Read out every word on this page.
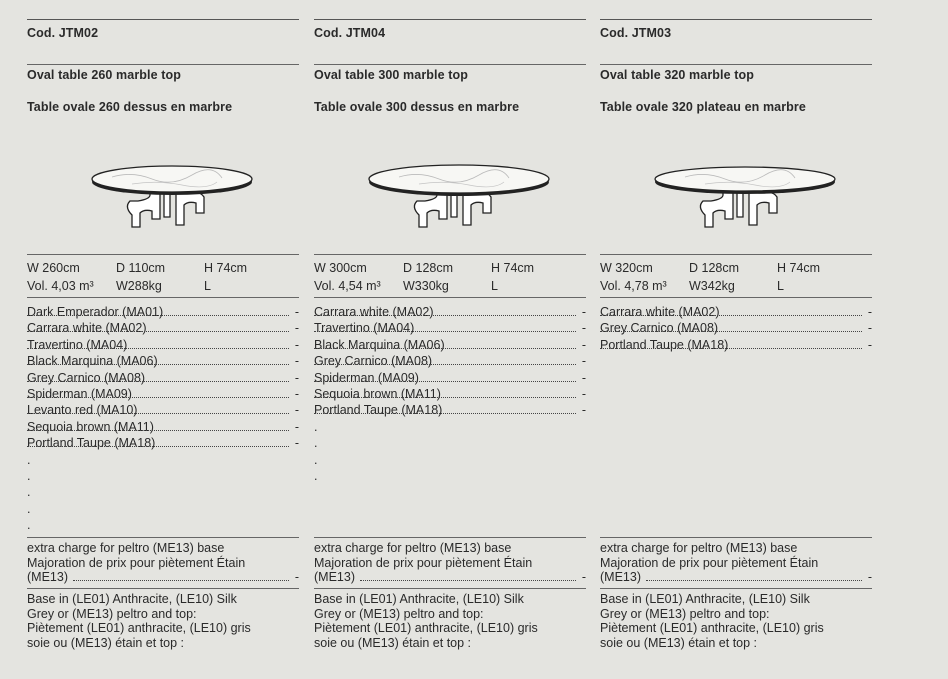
Cod. JTM02
Oval table 260 marble top
Table ovale 260 dessus en marbre
W 260cm	D 110cm	H 74cm
Vol. 4,03 m³ W288kg	L
Dark Emperador (MA01)	-
Carrara white (MA02)	-
Travertino (MA04)	-
Black Marquina (MA06)	-
Grey Carnico (MA08)	-
Spiderman (MA09)	-
Levanto red (MA10)	-
Sequoia brown (MA11)	-
Portland Taupe (MA18)	-
.
.
.
.
.
extra charge for peltro (ME13) base
Majoration de prix pour piètement Étain
(ME13)	-
Base in (LE01) Anthracite, (LE10) Silk
Grey or (ME13) peltro and top:
Piètement (LE01) anthracite, (LE10) gris
soie ou (ME13) étain et top :
Cod. JTM04
Oval table 300 marble top
Table ovale 300 dessus en marbre
W 300cm	D 128cm	H 74cm
Vol. 4,54 m³ W330kg	L
Carrara white (MA02)	-
Travertino (MA04)	-
Black Marquina (MA06)	-
Grey Carnico (MA08)	-
Spiderman (MA09)	-
Sequoia brown (MA11)	-
Portland Taupe (MA18)	-
.
.
.
.
extra charge for peltro (ME13) base
Majoration de prix pour piètement Étain
(ME13)	-
Base in (LE01) Anthracite, (LE10) Silk
Grey or (ME13) peltro and top:
Piètement (LE01) anthracite, (LE10) gris
soie ou (ME13) étain et top :
Cod. JTM03
Oval table 320 marble top
Table ovale 320 plateau en marbre
W 320cm	D 128cm	H 74cm
Vol. 4,78 m³ W342kg	L
Carrara white (MA02)	-
Grey Carnico (MA08)	-
Portland Taupe (MA18)	-
extra charge for peltro (ME13) base
Majoration de prix pour piètement Étain
(ME13)	-
Base in (LE01) Anthracite, (LE10) Silk
Grey or (ME13) peltro and top:
Piètement (LE01) anthracite, (LE10) gris
soie ou (ME13) étain et top :
